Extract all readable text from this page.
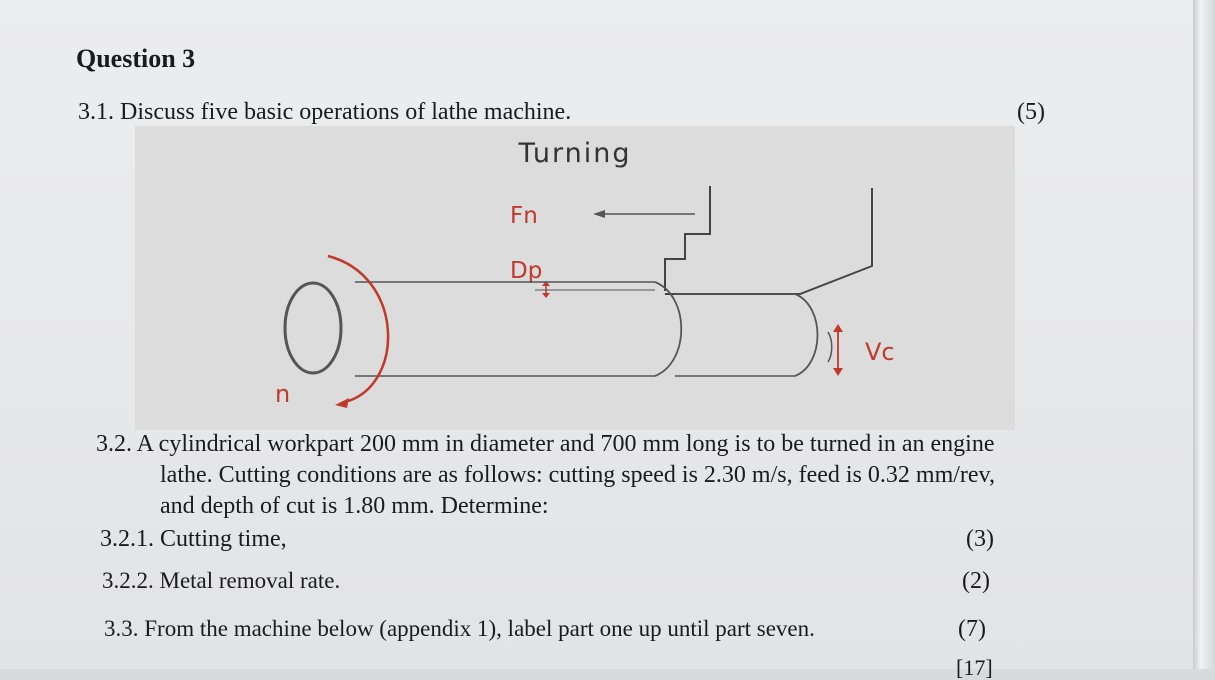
Question 3
3.1. Discuss five basic operations of lathe machine.	(5)
Turning
Fn
Dp
Vc
n
3.2. A cylindrical workpart 200 mm in diameter and 700 mm long is to be turned in an engine
lathe. Cutting conditions are as follows: cutting speed is 2.30 m/s, feed is 0.32 mm/rev,
and depth of cut is 1.80 mm. Determine:
3.2.1. Cutting time,	(3)
3.2.2. Metal removal rate.	(2)
3.3. From the machine below (appendix 1), label part one up until part seven.	(7)
[17]
